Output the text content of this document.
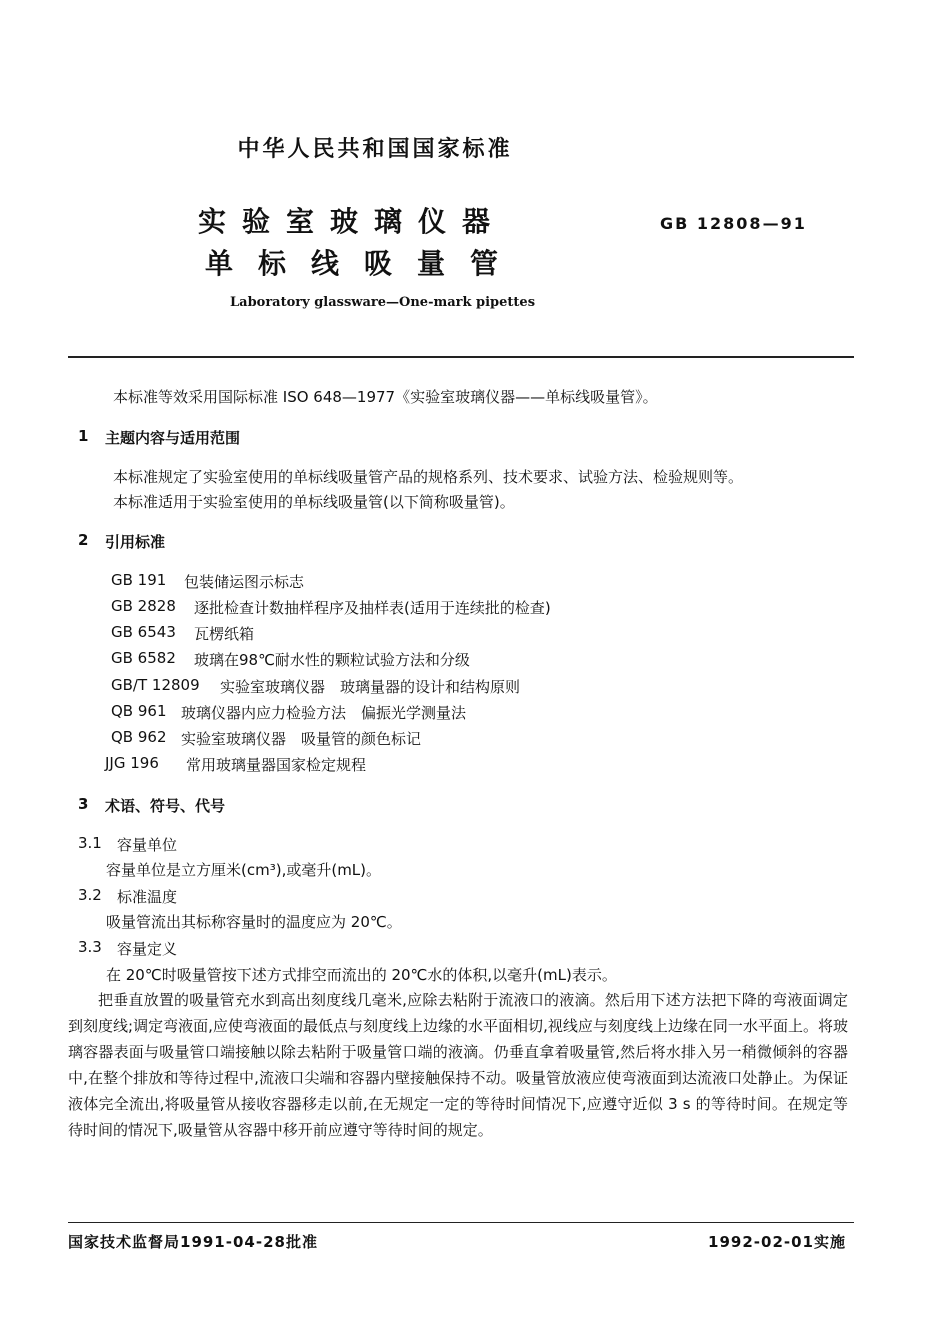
中华人民共和国国家标准
实验室玻璃仪器
单标线吸量管
GB 12808—91
Laboratory glassware—One-mark pipettes
本标准等效采用国际标准 ISO 648—1977《实验室玻璃仪器——单标线吸量管》。
1 主题内容与适用范围
本标准规定了实验室使用的单标线吸量管产品的规格系列、技术要求、试验方法、检验规则等。
本标准适用于实验室使用的单标线吸量管(以下简称吸量管)。
2 引用标准
GB 191 包装储运图示标志
GB 2828 逐批检查计数抽样程序及抽样表(适用于连续批的检查)
GB 6543 瓦楞纸箱
GB 6582 玻璃在98℃耐水性的颗粒试验方法和分级
GB/T 12809 实验室玻璃仪器　玻璃量器的设计和结构原则
QB 961 玻璃仪器内应力检验方法　偏振光学测量法
QB 962 实验室玻璃仪器　吸量管的颜色标记
JJG 196 常用玻璃量器国家检定规程
3 术语、符号、代号
3.1 容量单位
容量单位是立方厘米(cm³),或毫升(mL)。
3.2 标准温度
吸量管流出其标称容量时的温度应为 20℃。
3.3 容量定义
在 20℃时吸量管按下述方式排空而流出的 20℃水的体积,以毫升(mL)表示。
把垂直放置的吸量管充水到高出刻度线几毫米,应除去粘附于流液口的液滴。然后用下述方法把下降的弯液面调定到刻度线;调定弯液面,应使弯液面的最低点与刻度线上边缘的水平面相切,视线应与刻度线上边缘在同一水平面上。将玻璃容器表面与吸量管口端接触以除去粘附于吸量管口端的液滴。仍垂直拿着吸量管,然后将水排入另一稍微倾斜的容器中,在整个排放和等待过程中,流液口尖端和容器内壁接触保持不动。吸量管放液应使弯液面到达流液口处静止。为保证液体完全流出,将吸量管从接收容器移走以前,在无规定一定的等待时间情况下,应遵守近似 3 s 的等待时间。在规定等待时间的情况下,吸量管从容器中移开前应遵守等待时间的规定。
国家技术监督局1991-04-28批准	1992-02-01实施
